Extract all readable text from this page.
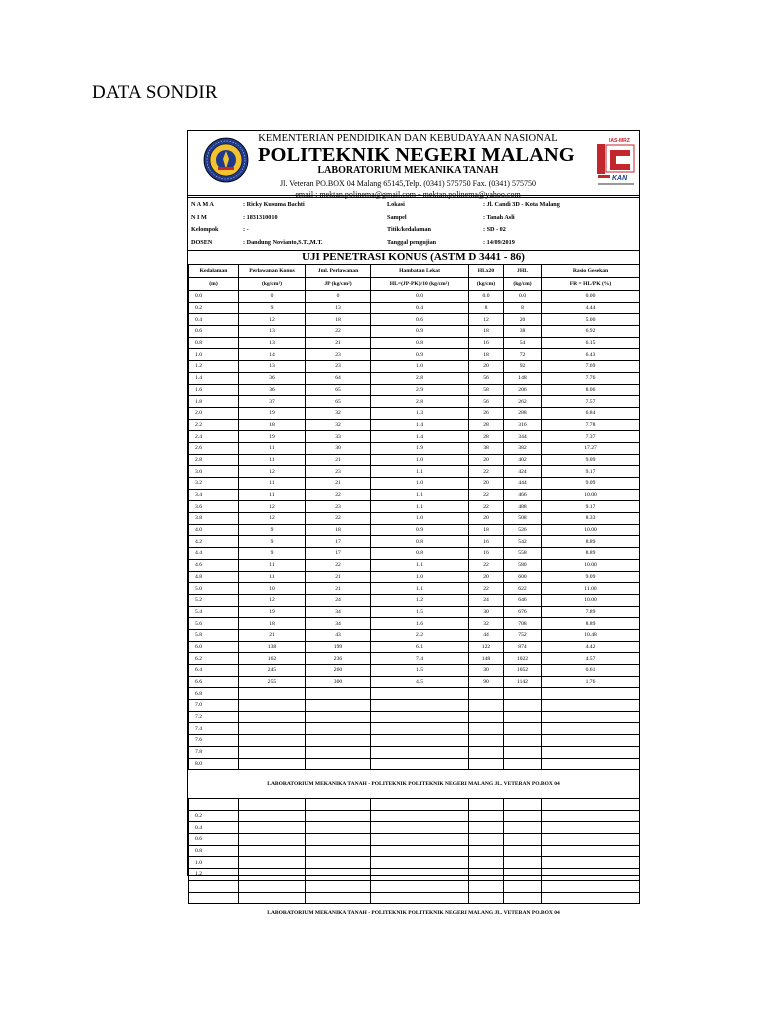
DATA SONDIR
KEMENTERIAN PENDIDIKAN DAN KEBUDAYAAN NASIONAL
POLITEKNIK NEGERI MALANG
LABORATORIUM MEKANIKA TANAH
Jl. Veteran PO.BOX 04 Malang 65145,Telp. (0341) 575750 Fax. (0341) 575750
email : mektan.polinema@gmail.com - mektan.polinema@yahoo.com
IAS-MRZ
KAN
N A M A	: Ricky Kusuma Bachti	Lokasi	: Jl. Candi 3D - Kota Malang
N I M	: 1831310010	Sampel	: Tanah Asli
Kelompok	: -	Titik/kedalaman	: SD - 02
DOSEN	: Dandung Novianto,S.T.,M.T.	Tanggal pengujian	: 14/09/2019
UJI PENETRASI KONUS (ASTM D 3441 - 86)
Kedalaman	Perlawanan Konus	Jml. Perlawanan	Hambatan Lekat	HLx20	JHL	Rasio Gesekan
(m)	(kg/cm²)	JP (kg/cm²)	HL=(JP-PK)/10 (kg/cm²)	(kg/cm)	(kg/cm)	FR = HL/PK (%)
0.0	0	0	0.0	0.0	0.0	0.00
0.2	9	13	0.4	8	8	4.44
0.4	12	18	0.6	12	20	5.00
0.6	13	22	0.9	18	38	6.92
0.8	13	21	0.8	16	54	6.15
1.0	14	23	0.9	18	72	6.43
1.2	13	23	1.0	20	92	7.69
1.4	36	64	2.8	56	148	7.76
1.6	36	65	2.9	58	206	8.06
1.8	37	65	2.8	56	262	7.57
2.0	19	32	1.3	26	288	6.84
2.2	18	32	1.4	28	316	7.78
2.4	19	33	1.4	28	344	7.37
2.6	11	30	1.9	38	382	17.27
2.8	11	21	1.0	20	402	9.09
3.0	12	23	1.1	22	424	9.17
3.2	11	21	1.0	20	444	9.09
3.4	11	22	1.1	22	466	10.00
3.6	12	23	1.1	22	488	9.17
3.8	12	22	1.0	20	508	8.33
4.0	9	18	0.9	18	526	10.00
4.2	9	17	0.8	16	542	8.89
4.4	9	17	0.8	16	558	8.89
4.6	11	22	1.1	22	580	10.00
4.8	11	21	1.0	20	600	9.09
5.0	10	21	1.1	22	622	11.00
5.2	12	24	1.2	24	646	10.00
5.4	19	34	1.5	30	676	7.89
5.6	18	34	1.6	32	708	8.89
5.8	21	43	2.2	44	752	10.48
6.0	138	199	6.1	122	874	4.42
6.2	162	236	7.4	148	1022	4.57
6.4	245	260	1.5	30	1052	0.61
6.6	255	300	4.5	90	1142	1.76
6.8						
7.0						
7.2						
7.4						
7.6						
7.8						
8.0						
LABORATORIUM MEKANIKA TANAH - POLITEKNIK POLITEKNIK NEGERI MALANG JL. VETERAN PO.BOX 04

0.2						
0.4						
0.6						
0.8						
1.0						
1.2						

LABORATORIUM MEKANIKA TANAH - POLITEKNIK POLITEKNIK NEGERI MALANG JL. VETERAN PO.BOX 04
